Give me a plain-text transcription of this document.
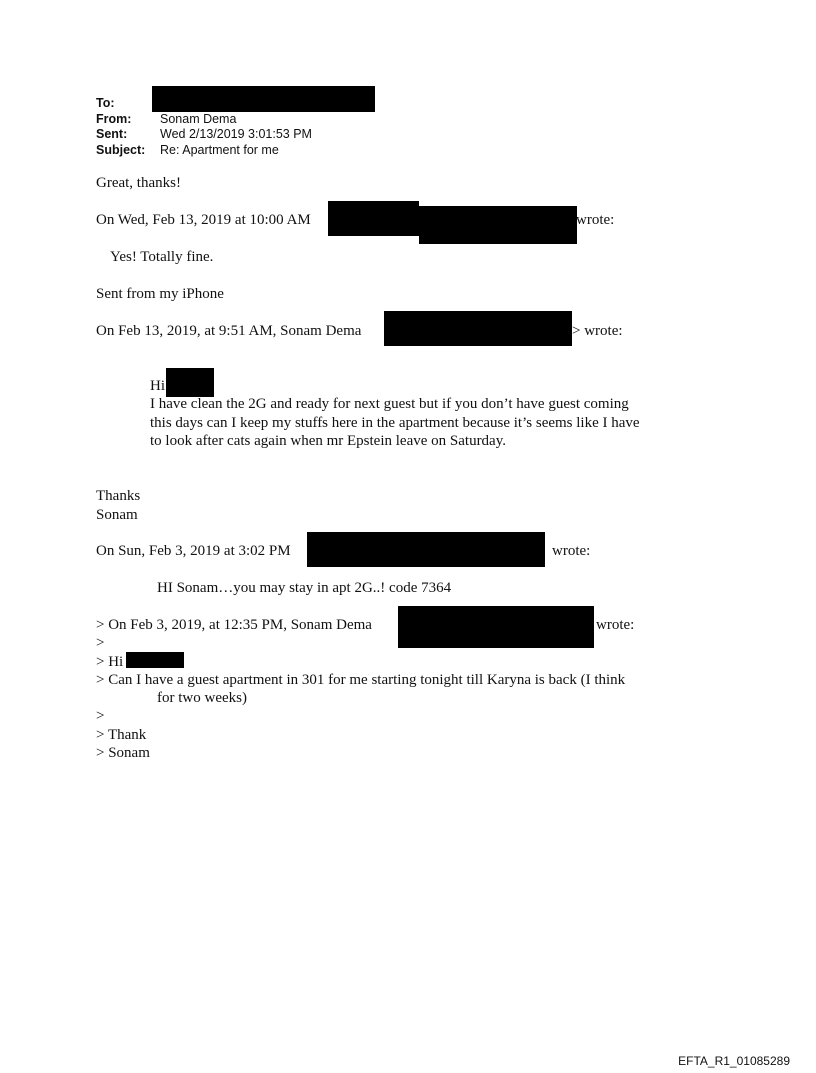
To:
From: Sonam Dema
Sent:	Wed 2/13/2019 3:01:53 PM
Subject: Re: Apartment for me
Great, thanks!
On Wed, Feb 13, 2019 at 10:00 AM	wrote:
Yes! Totally fine.
Sent from my iPhone
On Feb 13, 2019, at 9:51 AM, Sonam Dema	> wrote:
Hi
I have clean the 2G and ready for next guest but if you don’t have guest coming
this days can I keep my stuffs here in the apartment because it’s seems like I have
to look after cats again when mr Epstein leave on Saturday.
Thanks
Sonam
On Sun, Feb 3, 2019 at 3:02 PM	wrote:
HI Sonam…you may stay in apt 2G..! code 7364
> On Feb 3, 2019, at 12:35 PM, Sonam Dema	wrote:
>
> Hi
> Can I have a guest apartment in 301 for me starting tonight till Karyna is back (I think
for two weeks)
>
> Thank
> Sonam
EFTA_R1_01085289
